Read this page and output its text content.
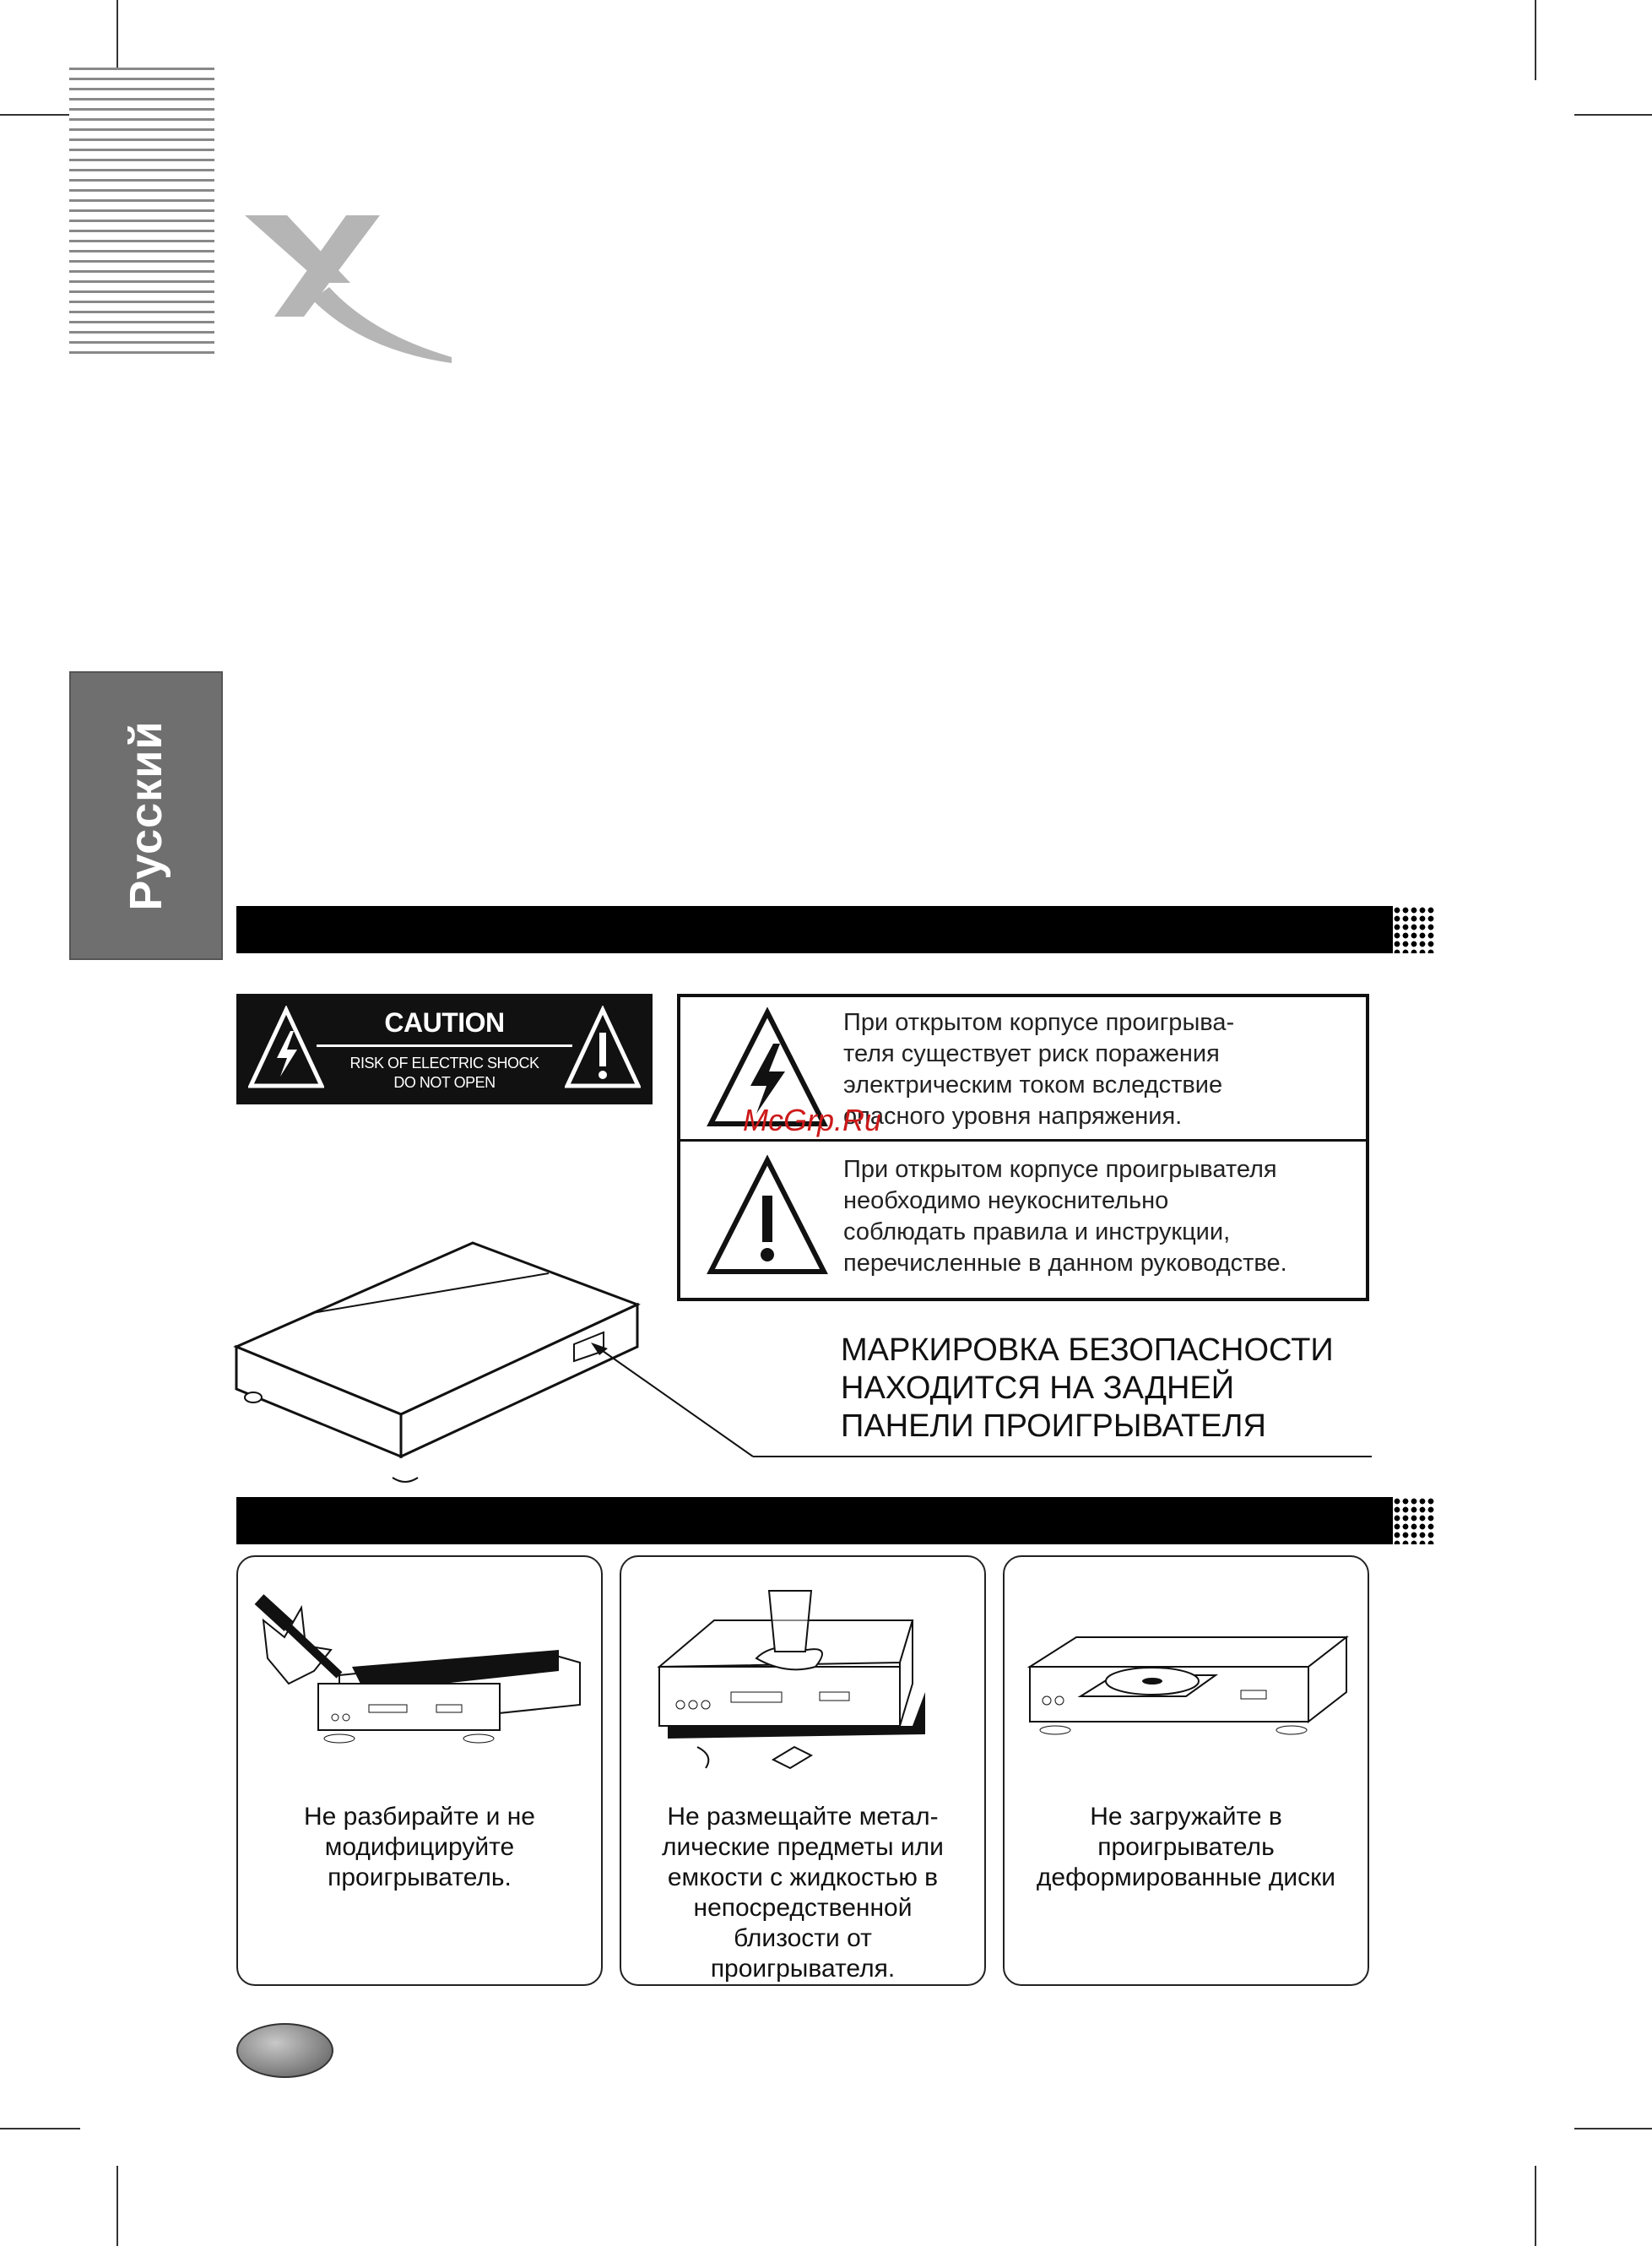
Русский
CAUTION
RISK OF ELECTRIC SHOCK
DO NOT OPEN
При открытом корпусе проигрыва-
теля существует риск поражения
электрическим током вследствие
опасного уровня напряжения.
При открытом корпусе проигрывателя
необходимо неукоснительно
соблюдать правила и инструкции,
перечисленные в данном руководстве.
McGrp.Ru
МАРКИРОВКА БЕЗОПАСНОСТИ
НАХОДИТСЯ НА ЗАДНЕЙ
ПАНЕЛИ ПРОИГРЫВАТЕЛЯ
Не разбирайте и не
модифицируйте
проигрыватель.
Не размещайте метал-
лические предметы или
емкости с жидкостью в
непосредственной
близости от
проигрывателя.
Не загружайте в
проигрыватель
деформированные диски
